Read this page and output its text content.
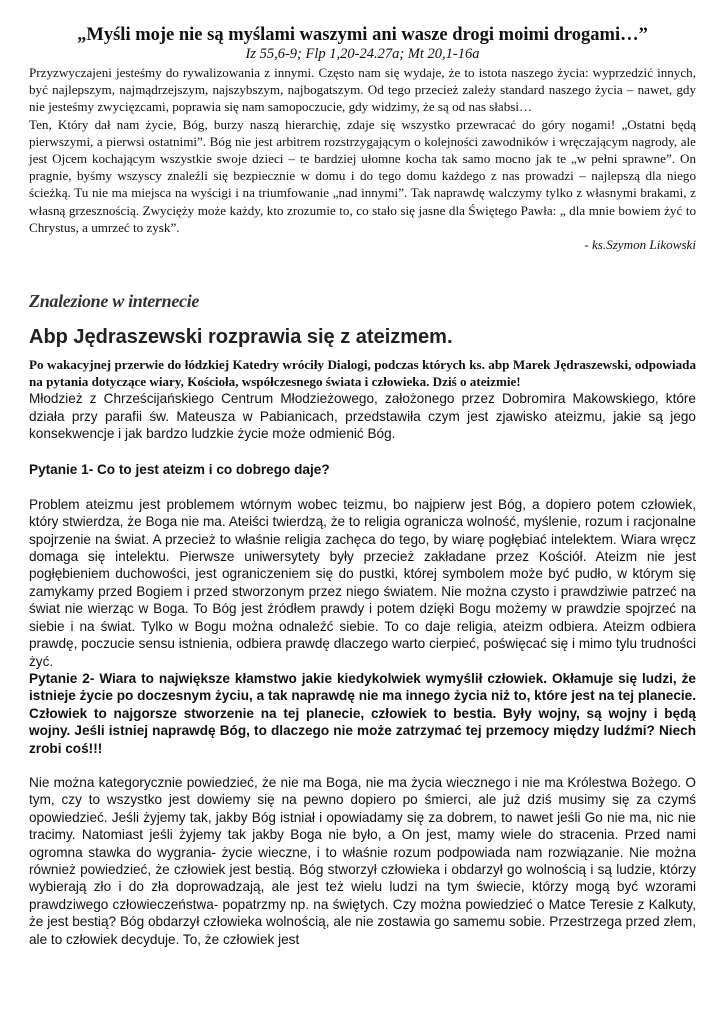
„Myśli moje nie są myślami waszymi ani wasze drogi moimi drogami…”

Iz 55,6-9; Flp 1,20-24.27a; Mt 20,1-16a

Przyzwyczajeni jesteśmy do rywalizowania z innymi. Często nam się wydaje, że to istota naszego życia: wyprzedzić innych, być najlepszym, najmądrzejszym, najszybszym, najbogatszym. Od tego przecież zależy standard naszego życia – nawet, gdy nie jesteśmy zwycięzcami, poprawia się nam samopoczucie, gdy widzimy, że są od nas słabsi…

Ten, Który dał nam życie, Bóg, burzy naszą hierarchię, zdaje się wszystko przewracać do góry nogami! „Ostatni będą pierwszymi, a pierwsi ostatnimi”. Bóg nie jest arbitrem rozstrzygającym o kolejności zawodników i wręczającym nagrody, ale jest Ojcem kochającym wszystkie swoje dzieci – te bardziej ułomne kocha tak samo mocno jak te „w pełni sprawne”. On pragnie, byśmy wszyscy znaleźli się bezpiecznie w domu i do tego domu każdego z nas prowadzi – najlepszą dla niego ścieżką. Tu nie ma miejsca na wyścigi i na triumfowanie „nad innymi”. Tak naprawdę walczymy tylko z własnymi brakami, z własną grzesznością. Zwycięży może każdy, kto zrozumie to, co stało się jasne dla Świętego Pawła: „ dla mnie bowiem żyć to Chrystus, a umrzeć to zysk”.

- ks.Szymon Likowski

Znalezione w internecie
Abp Jędraszewski rozprawia się z ateizmem.

Po wakacyjnej przerwie do łódzkiej Katedry wróciły Dialogi, podczas których ks. abp Marek Jędraszewski, odpowiada na pytania dotyczące wiary, Kościoła, współczesnego świata i człowieka. Dziś o ateizmie!

Młodzież z Chrześcijańskiego Centrum Młodzieżowego, założonego przez Dobromira Makowskiego, które działa przy parafii św. Mateusza w Pabianicach, przedstawiła czym jest zjawisko ateizmu, jakie są jego konsekwencje i jak bardzo ludzkie życie może odmienić Bóg.

Pytanie 1- Co to jest ateizm i co dobrego daje?

Problem ateizmu jest problemem wtórnym wobec teizmu, bo najpierw jest Bóg, a dopiero potem człowiek, który stwierdza, że Boga nie ma. Ateiści twierdzą, że to religia ogranicza wolność, myślenie, rozum i racjonalne spojrzenie na świat. A przecież to właśnie religia zachęca do tego, by wiarę pogłębiać intelektem. Wiara wręcz domaga się intelektu. Pierwsze uniwersytety były przecież zakładane przez Kościół. Ateizm nie jest pogłębieniem duchowości, jest ograniczeniem się do pustki, której symbolem może być pudło, w którym się zamykamy przed Bogiem i przed stworzonym przez niego światem. Nie można czysto i prawdziwie patrzeć na świat nie wierząc w Boga. To Bóg jest źródłem prawdy i potem dzięki Bogu możemy w prawdzie spojrzeć na siebie i na świat. Tylko w Bogu można odnaleźć siebie. To co daje religia, ateizm odbiera. Ateizm odbiera prawdę, poczucie sensu istnienia, odbiera prawdę dlaczego warto cierpieć, poświęcać się i mimo tylu trudności żyć.

Pytanie 2- Wiara to największe kłamstwo jakie kiedykolwiek wymyślił człowiek. Okłamuje się ludzi, że istnieje życie po doczesnym życiu, a tak naprawdę nie ma innego życia niż to, które jest na tej planecie. Człowiek to najgorsze stworzenie na tej planecie, człowiek to bestia. Były wojny, są wojny i będą wojny. Jeśli istniej naprawdę Bóg, to dlaczego nie może zatrzymać tej przemocy między ludźmi? Niech zrobi coś!!!

Nie można kategorycznie powiedzieć, że nie ma Boga, nie ma życia wiecznego i nie ma Królestwa Bożego. O tym, czy to wszystko jest dowiemy się na pewno dopiero po śmierci, ale już dziś musimy się za czymś opowiedzieć. Jeśli żyjemy tak, jakby Bóg istniał i opowiadamy się za dobrem, to nawet jeśli Go nie ma, nic nie tracimy. Natomiast jeśli żyjemy tak jakby Boga nie było, a On jest, mamy wiele do stracenia. Przed nami ogromna stawka do wygrania- życie wieczne, i to właśnie rozum podpowiada nam rozwiązanie. Nie można również powiedzieć, że człowiek jest bestią. Bóg stworzył człowieka i obdarzył go wolnością i są ludzie, którzy wybierają zło i do zła doprowadzają, ale jest też wielu ludzi na tym świecie, którzy mogą być wzorami prawdziwego człowieczeństwa- popatrzmy np. na świętych. Czy można powiedzieć o Matce Teresie z Kalkuty, że jest bestią? Bóg obdarzył człowieka wolnością, ale nie zostawia go samemu sobie. Przestrzega przed złem, ale to człowiek decyduje. To, że człowiek jest
